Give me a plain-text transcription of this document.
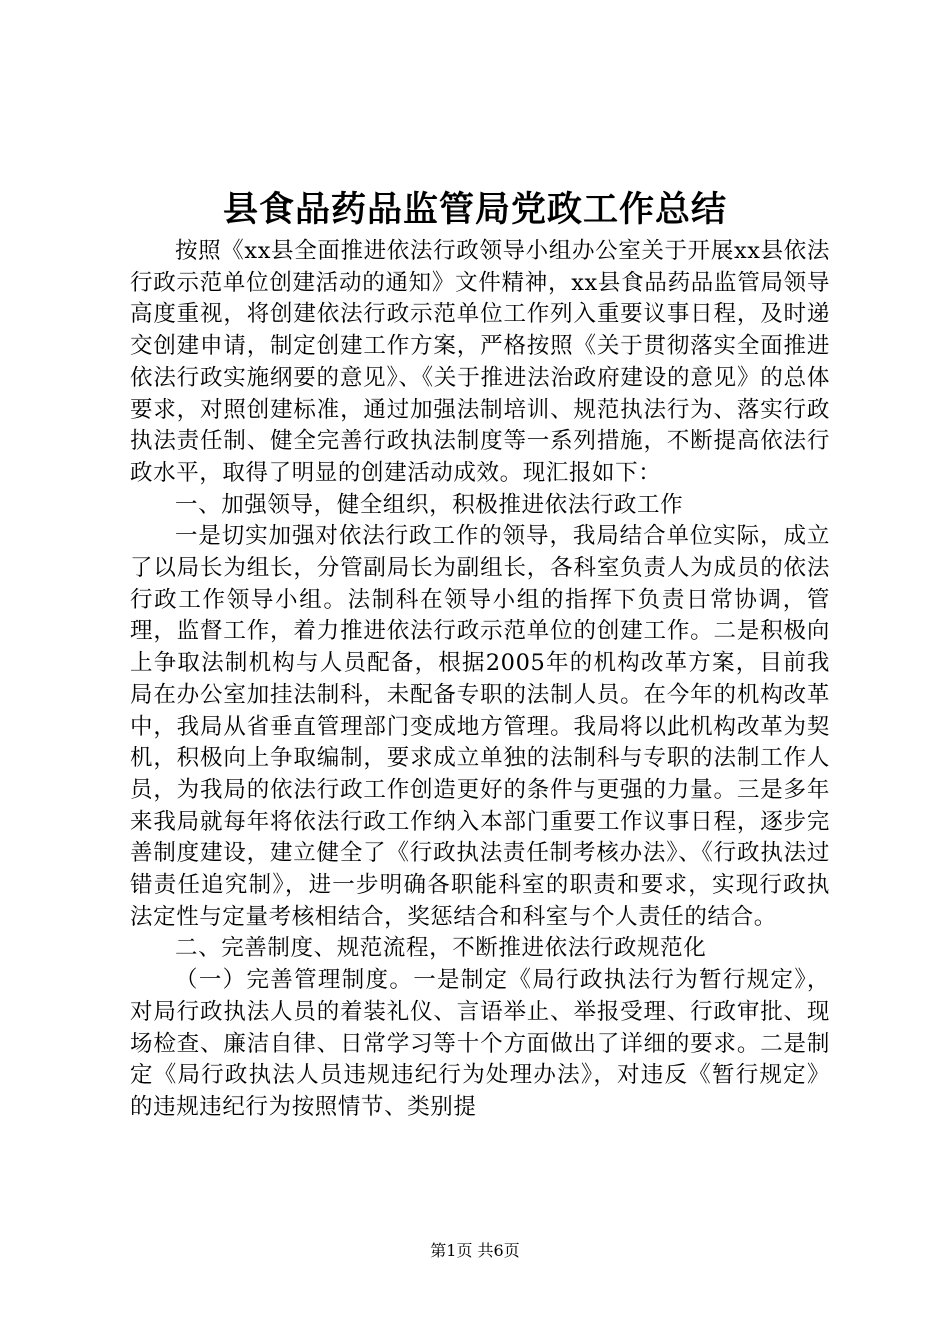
县食品药品监管局党政工作总结

按照《xx县全面推进依法行政领导小组办公室关于开展xx县依法行政示范单位创建活动的通知》文件精神，xx县食品药品监管局领导高度重视，将创建依法行政示范单位工作列入重要议事日程，及时递交创建申请，制定创建工作方案，严格按照《关于贯彻落实全面推进依法行政实施纲要的意见》、《关于推进法治政府建设的意见》的总体要求，对照创建标准，通过加强法制培训、规范执法行为、落实行政执法责任制、健全完善行政执法制度等一系列措施，不断提高依法行政水平，取得了明显的创建活动成效。现汇报如下：

一、加强领导，健全组织，积极推进依法行政工作

一是切实加强对依法行政工作的领导，我局结合单位实际，成立了以局长为组长，分管副局长为副组长，各科室负责人为成员的依法行政工作领导小组。法制科在领导小组的指挥下负责日常协调，管理，监督工作，着力推进依法行政示范单位的创建工作。二是积极向上争取法制机构与人员配备，根据2005年的机构改革方案，目前我局在办公室加挂法制科，未配备专职的法制人员。在今年的机构改革中，我局从省垂直管理部门变成地方管理。我局将以此机构改革为契机，积极向上争取编制，要求成立单独的法制科与专职的法制工作人员，为我局的依法行政工作创造更好的条件与更强的力量。三是多年来我局就每年将依法行政工作纳入本部门重要工作议事日程，逐步完善制度建设，建立健全了《行政执法责任制考核办法》、《行政执法过错责任追究制》，进一步明确各职能科室的职责和要求，实现行政执法定性与定量考核相结合，奖惩结合和科室与个人责任的结合。

二、完善制度、规范流程，不断推进依法行政规范化

（一）完善管理制度。一是制定《局行政执法行为暂行规定》，对局行政执法人员的着装礼仪、言语举止、举报受理、行政审批、现场检查、廉洁自律、日常学习等十个方面做出了详细的要求。二是制定《局行政执法人员违规违纪行为处理办法》，对违反《暂行规定》的违规违纪行为按照情节、类别提

第1页 共6页
